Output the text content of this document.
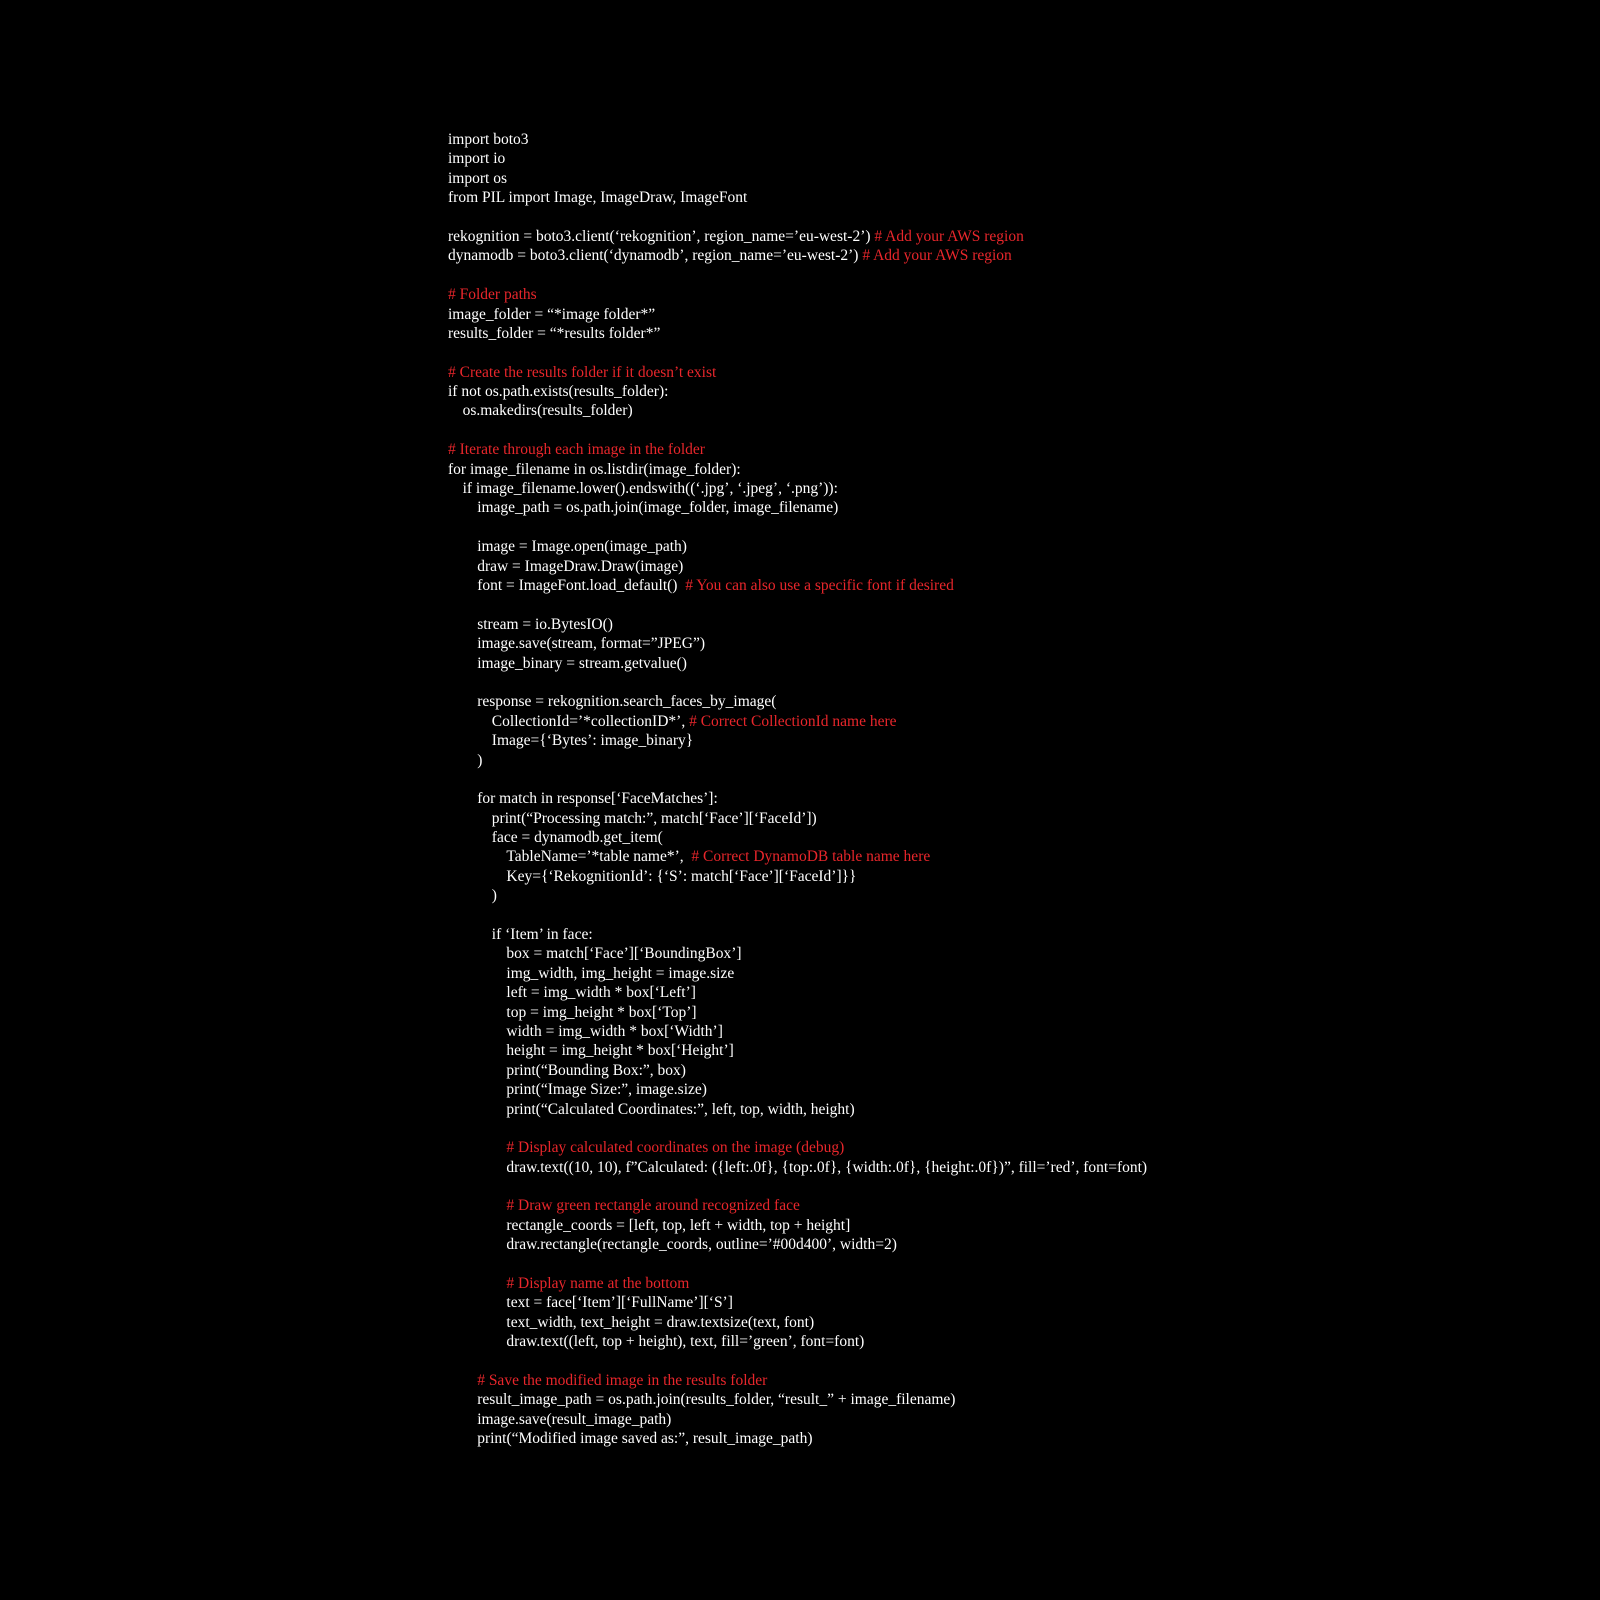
import boto3
import io
import os
from PIL import Image, ImageDraw, ImageFont
rekognition = boto3.client(‘rekognition’, region_name=’eu-west-2’) # Add your AWS region
dynamodb = boto3.client(‘dynamodb’, region_name=’eu-west-2’) # Add your AWS region
# Folder paths
image_folder = “*image folder*”
results_folder = “*results folder*”
# Create the results folder if it doesn’t exist
if not os.path.exists(results_folder):
os.makedirs(results_folder)
# Iterate through each image in the folder
for image_filename in os.listdir(image_folder):
if image_filename.lower().endswith((‘.jpg’, ‘.jpeg’, ‘.png’)):
image_path = os.path.join(image_folder, image_filename)
image = Image.open(image_path)
draw = ImageDraw.Draw(image)
font = ImageFont.load_default()  # You can also use a specific font if desired
stream = io.BytesIO()
image.save(stream, format=”JPEG”)
image_binary = stream.getvalue()
response = rekognition.search_faces_by_image(
CollectionId=’*collectionID*’, # Correct CollectionId name here
Image={‘Bytes’: image_binary}
)
for match in response[‘FaceMatches’]:
print(“Processing match:”, match[‘Face’][‘FaceId’])
face = dynamodb.get_item(
TableName=’*table name*’,  # Correct DynamoDB table name here
Key={‘RekognitionId’: {‘S’: match[‘Face’][‘FaceId’]}}
)
if ‘Item’ in face:
box = match[‘Face’][‘BoundingBox’]
img_width, img_height = image.size
left = img_width * box[‘Left’]
top = img_height * box[‘Top’]
width = img_width * box[‘Width’]
height = img_height * box[‘Height’]
print(“Bounding Box:”, box)
print(“Image Size:”, image.size)
print(“Calculated Coordinates:”, left, top, width, height)
# Display calculated coordinates on the image (debug)
draw.text((10, 10), f”Calculated: ({left:.0f}, {top:.0f}, {width:.0f}, {height:.0f})”, fill=’red’, font=font)
# Draw green rectangle around recognized face
rectangle_coords = [left, top, left + width, top + height]
draw.rectangle(rectangle_coords, outline=’#00d400’, width=2)
# Display name at the bottom
text = face[‘Item’][‘FullName’][‘S’]
text_width, text_height = draw.textsize(text, font)
draw.text((left, top + height), text, fill=’green’, font=font)
# Save the modified image in the results folder
result_image_path = os.path.join(results_folder, “result_” + image_filename)
image.save(result_image_path)
print(“Modified image saved as:”, result_image_path)
